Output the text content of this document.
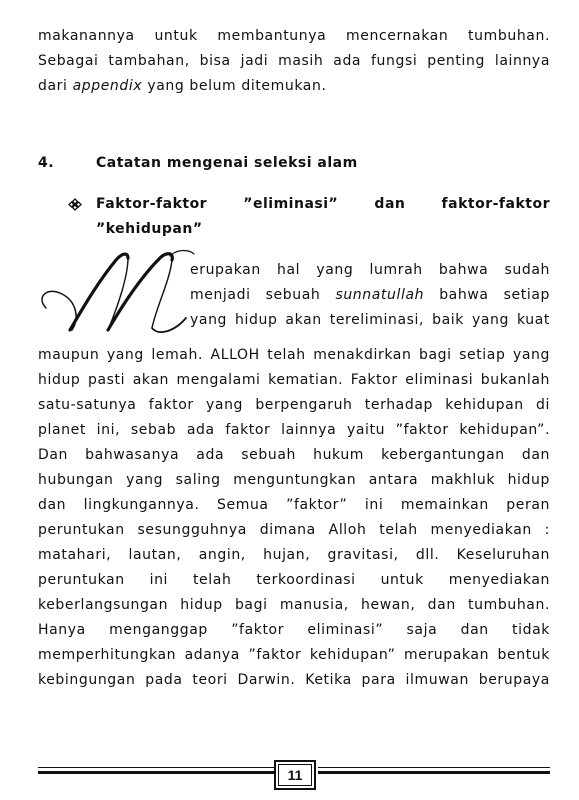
makanannya untuk membantunya mencernakan tumbuhan.
Sebagai tambahan, bisa jadi masih ada fungsi penting lainnya
dari appendix yang belum ditemukan.
4.	Catatan mengenai seleksi alam
Faktor-faktor ”eliminasi” dan faktor-faktor
”kehidupan”
erupakan hal yang lumrah bahwa sudah
menjadi sebuah sunnatullah bahwa setiap
yang hidup akan tereliminasi, baik yang kuat
maupun yang lemah. ALLOH telah menakdirkan bagi setiap yang
hidup pasti akan mengalami kematian. Faktor eliminasi bukanlah
satu-satunya faktor yang berpengaruh terhadap kehidupan di
planet ini, sebab ada faktor lainnya yaitu ”faktor kehidupan”.
Dan bahwasanya ada sebuah hukum kebergantungan dan
hubungan yang saling menguntungkan antara makhluk hidup
dan lingkungannya. Semua ”faktor” ini memainkan peran
peruntukan sesungguhnya dimana Alloh telah menyediakan :
matahari, lautan, angin, hujan, gravitasi, dll. Keseluruhan
peruntukan ini telah terkoordinasi untuk menyediakan
keberlangsungan hidup bagi manusia, hewan, dan tumbuhan.
Hanya menganggap ”faktor eliminasi” saja dan tidak
memperhitungkan adanya ”faktor kehidupan” merupakan bentuk
kebingungan pada teori Darwin. Ketika para ilmuwan berupaya
11
